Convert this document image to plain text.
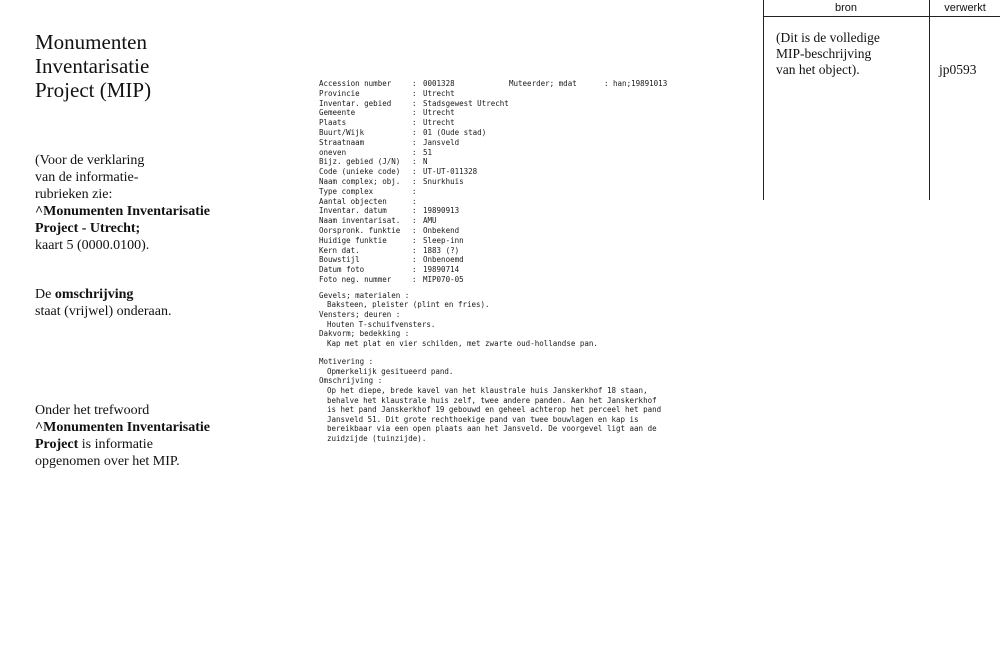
Monumenten
Inventarisatie
Project (MIP)

(Voor de verklaring
van de informatie-
rubrieken zie:
^Monumenten Inventarisatie
Project - Utrecht;
kaart 5 (0000.0100).

De omschrijving
staat (vrijwel) onderaan.

Onder het trefwoord
^Monumenten Inventarisatie
Project is informatie
opgenomen over het MIP.

Accession number	: 0001328	Muteerder; mdat	: han;19891013
Provincie	: Utrecht
Inventar. gebied	: Stadsgewest Utrecht
Gemeente	: Utrecht
Plaats	: Utrecht
Buurt/Wijk	: 01 (Oude stad)
Straatnaam	: Jansveld
oneven	: 51
Bijz. gebied (J/N) : N
Code (unieke code) : UT-UT-011328
Naam complex; obj. : Snurkhuis
Type complex	:
Aantal objecten	:
Inventar. datum	: 19890913
Naam inventarisat. : AMU
Oorspronk. funktie : Onbekend
Huidige funktie	: Sleep-inn
Kern dat.	: 1883 (?)
Bouwstijl	: Onbenoemd
Datum foto	: 19890714
Foto neg. nummer	: MIP070-05
Gevels; materialen :
Baksteen, pleister (plint en fries).
Vensters; deuren :
Houten T-schuifvensters.
Dakvorm; bedekking :
Kap met plat en vier schilden, met zwarte oud-hollandse pan.
Motivering :
Opmerkelijk gesitueerd pand.
Omschrijving :
Op het diepe, brede kavel van het klaustrale huis Janskerkhof 18 staan,
behalve het klaustrale huis zelf, twee andere panden. Aan het Janskerkhof
is het pand Janskerkhof 19 gebouwd en geheel achterop het perceel het pand
Jansveld 51. Dit grote rechthoekige pand van twee bouwlagen en kap is
bereikbaar via een open plaats aan het Jansveld. De voorgevel ligt aan de
zuidzijde (tuinzijde).
bron	verwerkt
(Dit is de volledige
MIP-beschrijving
van het object).	jp0593
